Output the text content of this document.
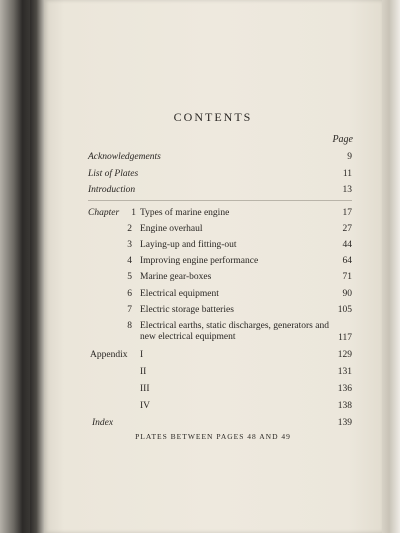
CONTENTS
Page
Acknowledgements	9
List of Plates	11
Introduction	13
Chapter	1 Types of marine engine	17
2 Engine overhaul	27
3 Laying-up and fitting-out	44
4 Improving engine performance	64
5 Marine gear-boxes	71
6 Electrical equipment	90
7 Electric storage batteries	105
8 Electrical earths, static discharges, generators and new electrical equipment	117
Appendix I	129
II	131
III	136
IV	138
Index	139
PLATES BETWEEN PAGES 48 AND 49
